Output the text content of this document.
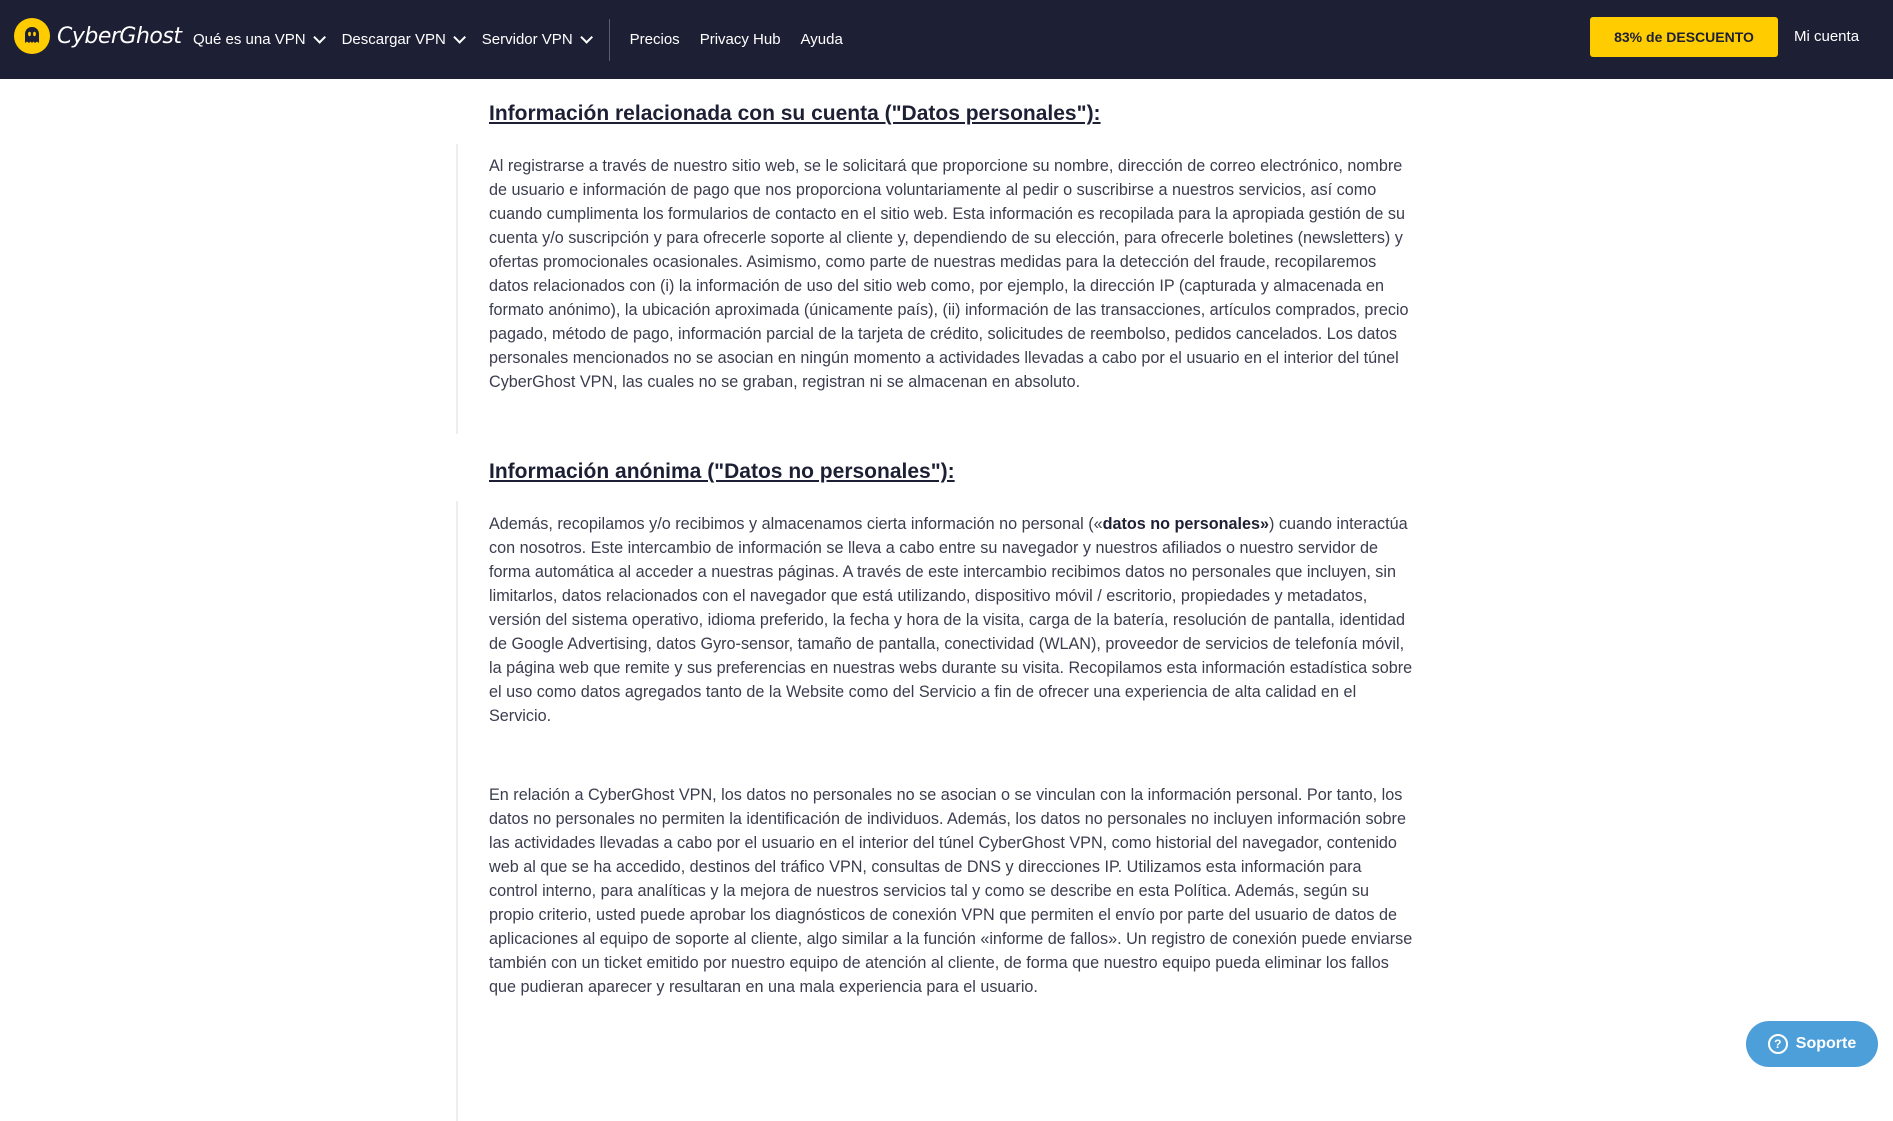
CyberGhost Qué es una VPN Descargar VPN Servidor VPN	Precios Privacy Hub Ayuda	83% de DESCUENTO	Mi cuenta
Información relacionada con su cuenta ("Datos personales"):

Al registrarse a través de nuestro sitio web, se le solicitará que proporcione su nombre, dirección de correo electrónico, nombre de usuario e información de pago que nos proporciona voluntariamente al pedir o suscribirse a nuestros servicios, así como cuando cumplimenta los formularios de contacto en el sitio web. Esta información es recopilada para la apropiada gestión de su cuenta y/o suscripción y para ofrecerle soporte al cliente y, dependiendo de su elección, para ofrecerle boletines (newsletters) y ofertas promocionales ocasionales. Asimismo, como parte de nuestras medidas para la detección del fraude, recopilaremos datos relacionados con (i) la información de uso del sitio web como, por ejemplo, la dirección IP (capturada y almacenada en formato anónimo), la ubicación aproximada (únicamente país), (ii) información de las transacciones, artículos comprados, precio pagado, método de pago, información parcial de la tarjeta de crédito, solicitudes de reembolso, pedidos cancelados. Los datos personales mencionados no se asocian en ningún momento a actividades llevadas a cabo por el usuario en el interior del túnel CyberGhost VPN, las cuales no se graban, registran ni se almacenan en absoluto.

Información anónima ("Datos no personales"):

Además, recopilamos y/o recibimos y almacenamos cierta información no personal («datos no personales») cuando interactúa con nosotros. Este intercambio de información se lleva a cabo entre su navegador y nuestros afiliados o nuestro servidor de forma automática al acceder a nuestras páginas. A través de este intercambio recibimos datos no personales que incluyen, sin limitarlos, datos relacionados con el navegador que está utilizando, dispositivo móvil / escritorio, propiedades y metadatos, versión del sistema operativo, idioma preferido, la fecha y hora de la visita, carga de la batería, resolución de pantalla, identidad de Google Advertising, datos Gyro-sensor, tamaño de pantalla, conectividad (WLAN), proveedor de servicios de telefonía móvil, la página web que remite y sus preferencias en nuestras webs durante su visita. Recopilamos esta información estadística sobre el uso como datos agregados tanto de la Website como del Servicio a fin de ofrecer una experiencia de alta calidad en el Servicio.

En relación a CyberGhost VPN, los datos no personales no se asocian o se vinculan con la información personal. Por tanto, los datos no personales no permiten la identificación de individuos. Además, los datos no personales no incluyen información sobre las actividades llevadas a cabo por el usuario en el interior del túnel CyberGhost VPN, como historial del navegador, contenido web al que se ha accedido, destinos del tráfico VPN, consultas de DNS y direcciones IP. Utilizamos esta información para control interno, para analíticas y la mejora de nuestros servicios tal y como se describe en esta Política. Además, según su propio criterio, usted puede aprobar los diagnósticos de conexión VPN que permiten el envío por parte del usuario de datos de aplicaciones al equipo de soporte al cliente, algo similar a la función «informe de fallos». Un registro de conexión puede enviarse también con un ticket emitido por nuestro equipo de atención al cliente, de forma que nuestro equipo pueda eliminar los fallos que pudieran aparecer y resultaran en una mala experiencia para el usuario.

? Soporte
